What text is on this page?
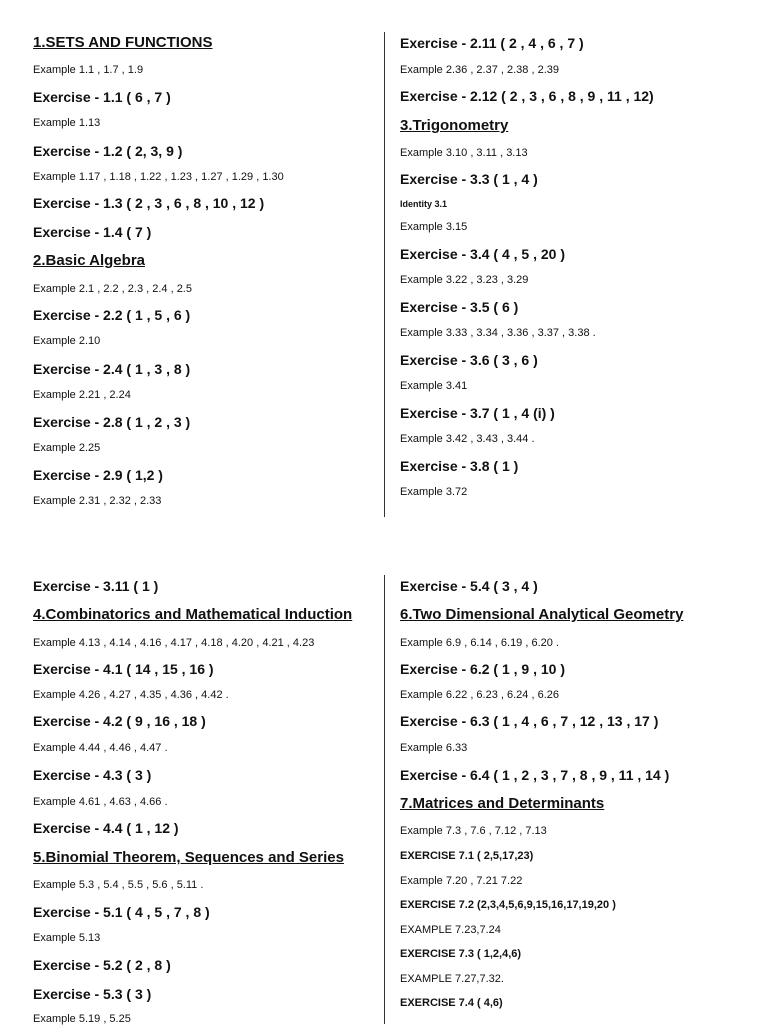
1.SETS AND FUNCTIONS
Example 1.1 , 1.7 , 1.9
Exercise - 1.1 ( 6 , 7 )
Example 1.13
Exercise - 1.2 ( 2, 3, 9 )
Example 1.17 , 1.18 , 1.22 , 1.23 , 1.27 , 1.29 , 1.30
Exercise - 1.3 ( 2 , 3 , 6 , 8 , 10 , 12 )
Exercise - 1.4 ( 7 )
2.Basic Algebra
Example 2.1 , 2.2 , 2.3 , 2.4 , 2.5
Exercise - 2.2 ( 1 , 5 , 6 )
Example 2.10
Exercise - 2.4 ( 1 , 3 , 8 )
Example 2.21 , 2.24
Exercise - 2.8 ( 1 , 2 , 3 )
Example 2.25
Exercise - 2.9 ( 1,2 )
Example 2.31 , 2.32 , 2.33
Exercise - 2.11 ( 2 , 4 , 6 , 7 )
Example 2.36 , 2.37 , 2.38 , 2.39
Exercise - 2.12 ( 2 , 3 , 6 , 8 , 9 , 11 , 12)
3.Trigonometry
Example 3.10 , 3.11 , 3.13
Exercise - 3.3 ( 1 , 4 )
Identity 3.1
Example 3.15
Exercise - 3.4 ( 4 , 5 , 20 )
Example 3.22 , 3.23 , 3.29
Exercise - 3.5 ( 6 )
Example 3.33 , 3.34 , 3.36 , 3.37 , 3.38 .
Exercise - 3.6 ( 3 , 6 )
Example 3.41
Exercise - 3.7 ( 1 , 4 (i) )
Example 3.42 , 3.43 , 3.44 .
Exercise - 3.8 ( 1 )
Example 3.72
Exercise - 3.11 ( 1 )
4.Combinatorics and Mathematical Induction
Example 4.13 , 4.14 , 4.16 , 4.17 , 4.18 , 4.20 , 4.21 , 4.23
Exercise - 4.1 ( 14 , 15 , 16 )
Example 4.26 , 4.27 , 4.35 , 4.36 , 4.42 .
Exercise - 4.2 ( 9 , 16 , 18 )
Example 4.44 , 4.46 , 4.47 .
Exercise - 4.3 ( 3 )
Example 4.61 , 4.63 , 4.66 .
Exercise - 4.4 ( 1 , 12 )
5.Binomial Theorem, Sequences and Series
Example 5.3 , 5.4 , 5.5 , 5.6 , 5.11 .
Exercise - 5.1 ( 4 , 5 , 7 , 8 )
Example 5.13
Exercise - 5.2 ( 2 , 8 )
Exercise - 5.3 ( 3 )
Example 5.19 , 5.25
Exercise - 5.4 ( 3 , 4 )
6.Two Dimensional Analytical Geometry
Example 6.9 , 6.14 , 6.19 , 6.20 .
Exercise - 6.2 ( 1 , 9 , 10 )
Example 6.22 , 6.23 , 6.24 , 6.26
Exercise - 6.3 ( 1 , 4 , 6 , 7 , 12 , 13 , 17 )
Example 6.33
Exercise - 6.4 ( 1 , 2 , 3 , 7 , 8 , 9 , 11 , 14 )
7.Matrices and Determinants
Example 7.3 , 7.6 , 7.12 , 7.13
EXERCISE 7.1 ( 2,5,17,23)
Example 7.20 , 7.21 7.22
EXERCISE 7.2 (2,3,4,5,6,9,15,16,17,19,20 )
EXAMPLE 7.23,7.24
EXERCISE 7.3 ( 1,2,4,6)
EXAMPLE 7.27,7.32.
EXERCISE 7.4 ( 4,6)
